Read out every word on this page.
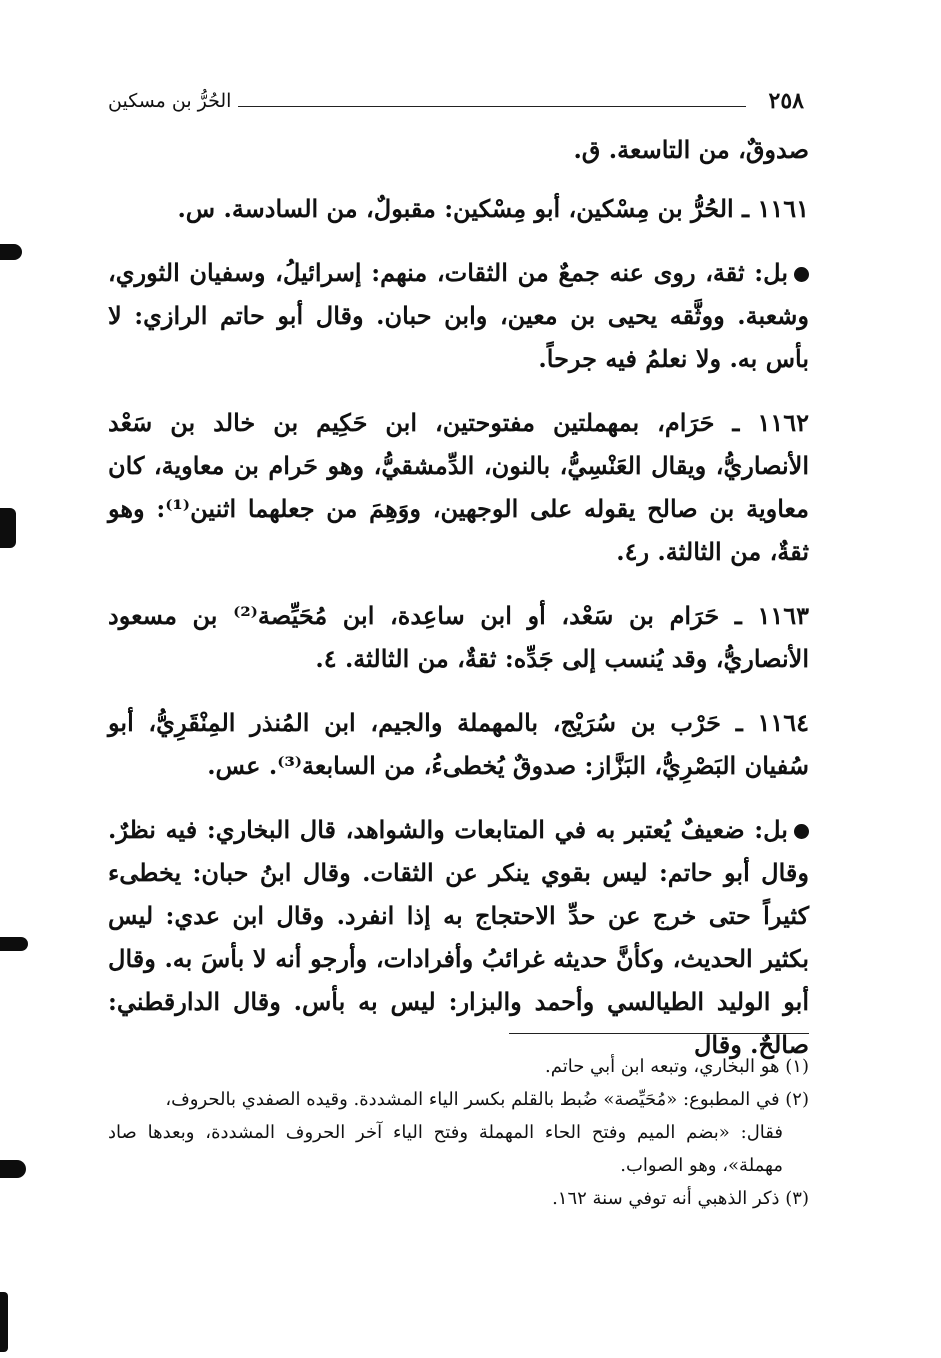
٢٥٨
الحُرُّ بن مسكين

صدوقٌ، من التاسعة. ق.

١١٦١ ـ الحُرُّ بن مِسْكين، أبو مِسْكين: مقبولٌ، من السادسة. س.

بل: ثقة، روى عنه جمعٌ من الثقات، منهم: إسرائيلُ، وسفيان الثوري، وشعبة. ووثَّقه يحيى بن معين، وابن حبان. وقال أبو حاتم الرازي: لا بأس به. ولا نعلمُ فيه جرحاً.

١١٦٢ ـ حَرَام، بمهملتين مفتوحتين، ابن حَكِيم بن خالد بن سَعْد الأنصاريُّ، ويقال العَنْسِيُّ، بالنون، الدِّمشقيُّ، وهو حَرام بن معاوية، كان معاوية بن صالح يقوله على الوجهين، ووَهِمَ من جعلهما اثنين⁽¹⁾: وهو ثقةٌ، من الثالثة. ر٤.

١١٦٣ ـ حَرَام بن سَعْد، أو ابن ساعِدة، ابن مُحَيِّصة⁽²⁾ بن مسعود الأنصاريُّ، وقد يُنسب إلى جَدِّه: ثقةٌ، من الثالثة. ٤.

١١٦٤ ـ حَرْب بن سُرَيْج، بالمهملة والجيم، ابن المُنذر المِنْقَرِيُّ، أبو سُفيان البَصْرِيُّ، البَزَّاز: صدوقٌ يُخطىءُ، من السابعة⁽³⁾. عس.

بل: ضعيفٌ يُعتبر به في المتابعات والشواهد، قال البخاري: فيه نظرٌ. وقال أبو حاتم: ليس بقوي ينكر عن الثقات. وقال ابنُ حبان: يخطىء كثيراً حتى خرج عن حدِّ الاحتجاج به إذا انفرد. وقال ابن عدي: ليس بكثير الحديث، وكأنَّ حديثه غرائبُ وأفرادات، وأرجو أنه لا بأسَ به. وقال أبو الوليد الطيالسي وأحمد والبزار: ليس به بأس. وقال الدارقطني: صالحٌ. وقال

(١) هو البخاري، وتبعه ابن أبي حاتم.

(٢) في المطبوع: «مُحَيِّصة» ضُبط بالقلم بكسر الياء المشددة. وقيده الصفدي بالحروف،

فقال: «بضم الميم وفتح الحاء المهملة وفتح الياء آخر الحروف المشددة، وبعدها صاد مهملة»، وهو الصواب.

(٣) ذكر الذهبي أنه توفي سنة ١٦٢.
